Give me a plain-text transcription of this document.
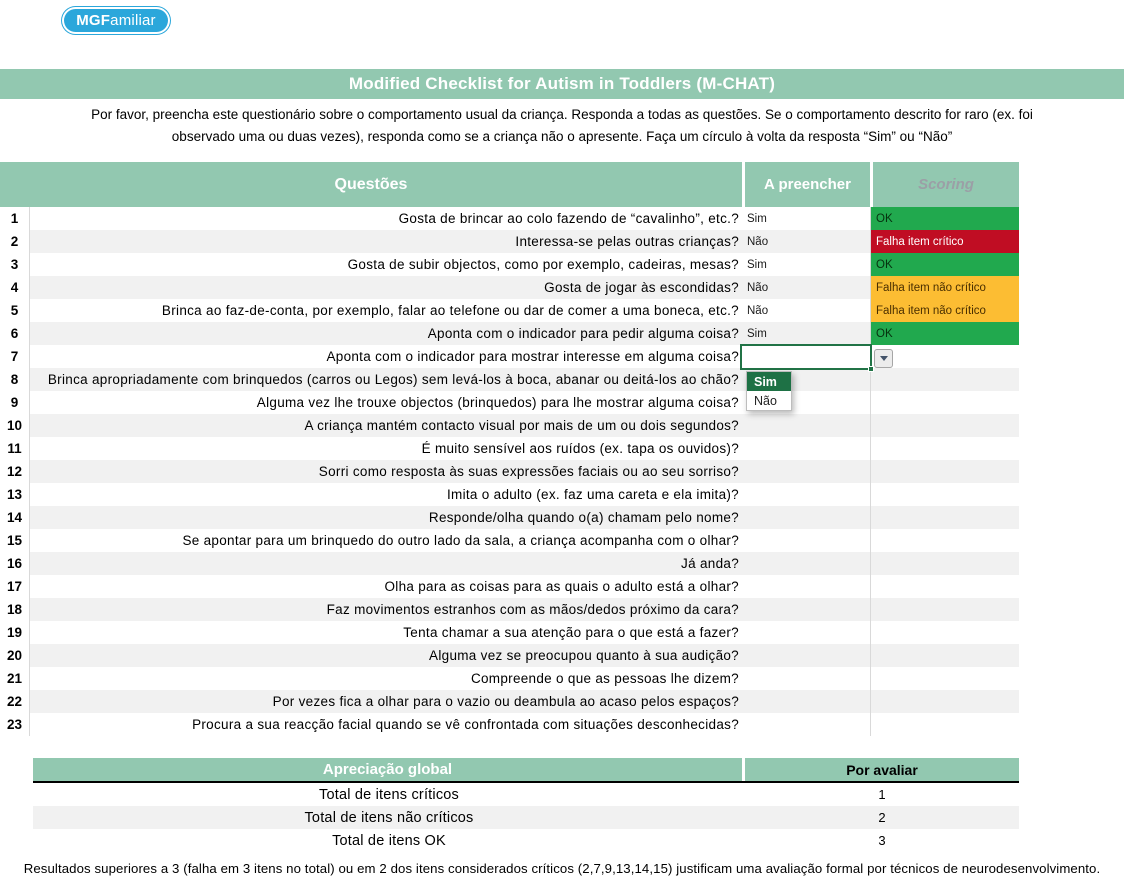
MGF amiliar
Modified Checklist for Autism in Toddlers (M-CHAT)
Por favor, preencha este questionário sobre o comportamento usual da criança. Responda a todas as questões. Se o comportamento descrito for raro (ex. foi
observado uma ou duas vezes), responda como se a criança não o apresente. Faça um círculo à volta da resposta “Sim” ou “Não”
Questões	A preencher	Scoring
1	Gosta de brincar ao colo fazendo de “cavalinho”, etc.? Sim	OK
2	Interessa-se pelas outras crianças? Não	Falha item crítico
3	Gosta de subir objectos, como por exemplo, cadeiras, mesas? Sim	OK
4	Gosta de jogar às escondidas? Não	Falha item não crítico
5	Brinca ao faz-de-conta, por exemplo, falar ao telefone ou dar de comer a uma boneca, etc.? Não	Falha item não crítico
6	Aponta com o indicador para pedir alguma coisa? Sim	OK
7	Aponta com o indicador para mostrar interesse em alguma coisa?
8	Brinca apropriadamente com brinquedos (carros ou Legos) sem levá-los à boca, abanar ou deitá-los ao chão?
9	Alguma vez lhe trouxe objectos (brinquedos) para lhe mostrar alguma coisa?
10	A criança mantém contacto visual por mais de um ou dois segundos?
11	É muito sensível aos ruídos (ex. tapa os ouvidos)?
12	Sorri como resposta às suas expressões faciais ou ao seu sorriso?
13	Imita o adulto (ex. faz uma careta e ela imita)?
14	Responde/olha quando o(a) chamam pelo nome?
15	Se apontar para um brinquedo do outro lado da sala, a criança acompanha com o olhar?
16	Já anda?
17	Olha para as coisas para as quais o adulto está a olhar?
18	Faz movimentos estranhos com as mãos/dedos próximo da cara?
19	Tenta chamar a sua atenção para o que está a fazer?
20	Alguma vez se preocupou quanto à sua audição?
21	Compreende o que as pessoas lhe dizem?
22	Por vezes fica a olhar para o vazio ou deambula ao acaso pelos espaços?
23	Procura a sua reacção facial quando se vê confrontada com situações desconhecidas?
Sim
Não
Apreciação global	Por avaliar
Total de itens críticos	1
Total de itens não críticos	2
Total de itens OK	3
Resultados superiores a 3 (falha em 3 itens no total) ou em 2 dos itens considerados críticos (2,7,9,13,14,15) justificam uma avaliação formal por técnicos de neurodesenvolvimento.
